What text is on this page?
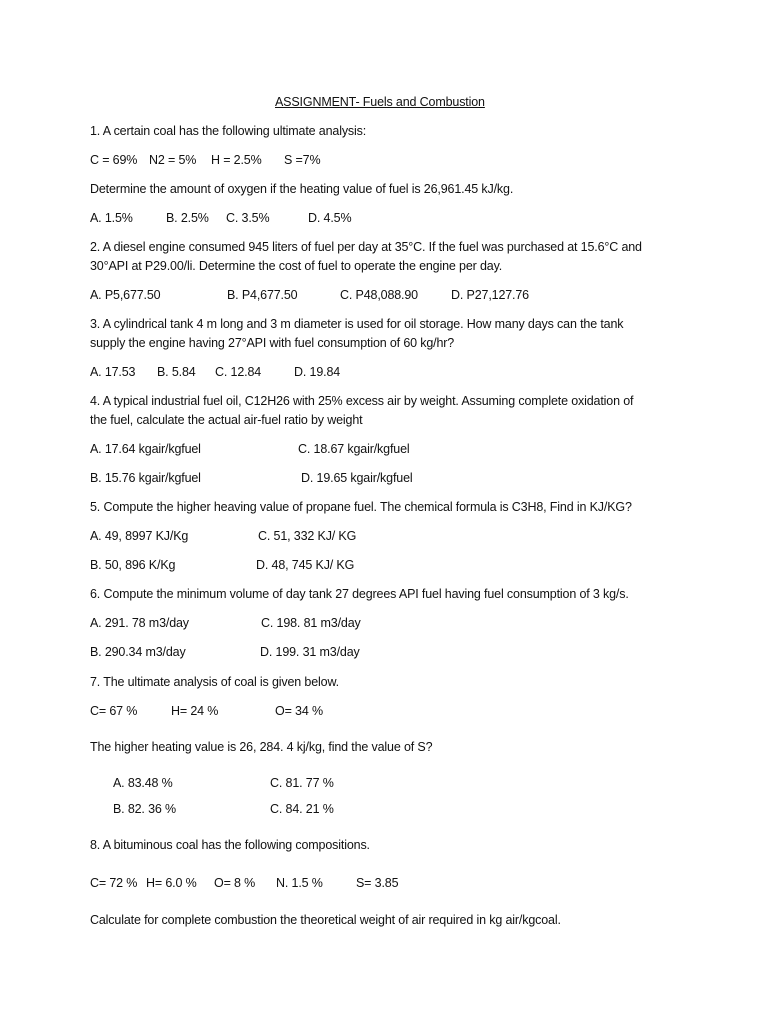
ASSIGNMENT- Fuels and Combustion
1. A certain coal has the following ultimate analysis:
C = 69% N2 = 5% H = 2.5% S =7%
Determine the amount of oxygen if the heating value of fuel is 26,961.45 kJ/kg.
A. 1.5%	B. 2.5% C. 3.5%	D. 4.5%
2. A diesel engine consumed 945 liters of fuel per day at 35°C. If the fuel was purchased at 15.6°C and
30°API at P29.00/li. Determine the cost of fuel to operate the engine per day.
A. P5,677.50	B. P4,677.50	C. P48,088.90	D. P27,127.76
3. A cylindrical tank 4 m long and 3 m diameter is used for oil storage. How many days can the tank
supply the engine having 27°API with fuel consumption of 60 kg/hr?
A. 17.53 B. 5.84 C. 12.84	D. 19.84
4. A typical industrial fuel oil, C12H26 with 25% excess air by weight. Assuming complete oxidation of
the fuel, calculate the actual air-fuel ratio by weight
A. 17.64 kgair/kgfuel	C. 18.67 kgair/kgfuel
B. 15.76 kgair/kgfuel	D. 19.65 kgair/kgfuel
5. Compute the higher heaving value of propane fuel. The chemical formula is C3H8, Find in KJ/KG?
A. 49, 8997 KJ/Kg	C. 51, 332 KJ/ KG
B. 50, 896 K/Kg	D. 48, 745 KJ/ KG
6. Compute the minimum volume of day tank 27 degrees API fuel having fuel consumption of 3 kg/s.
A. 291. 78 m3/day	C. 198. 81 m3/day
B. 290.34 m3/day	D. 199. 31 m3/day
7. The ultimate analysis of coal is given below.
C= 67 %	H= 24 %	O= 34 %
The higher heating value is 26, 284. 4 kj/kg, find the value of S?
A. 83.48 %	C. 81. 77 %
B. 82. 36 %	C. 84. 21 %
8. A bituminous coal has the following compositions.
C= 72 % H= 6.0 % O= 8 % N. 1.5 %	S= 3.85
Calculate for complete combustion the theoretical weight of air required in kg air/kgcoal.
